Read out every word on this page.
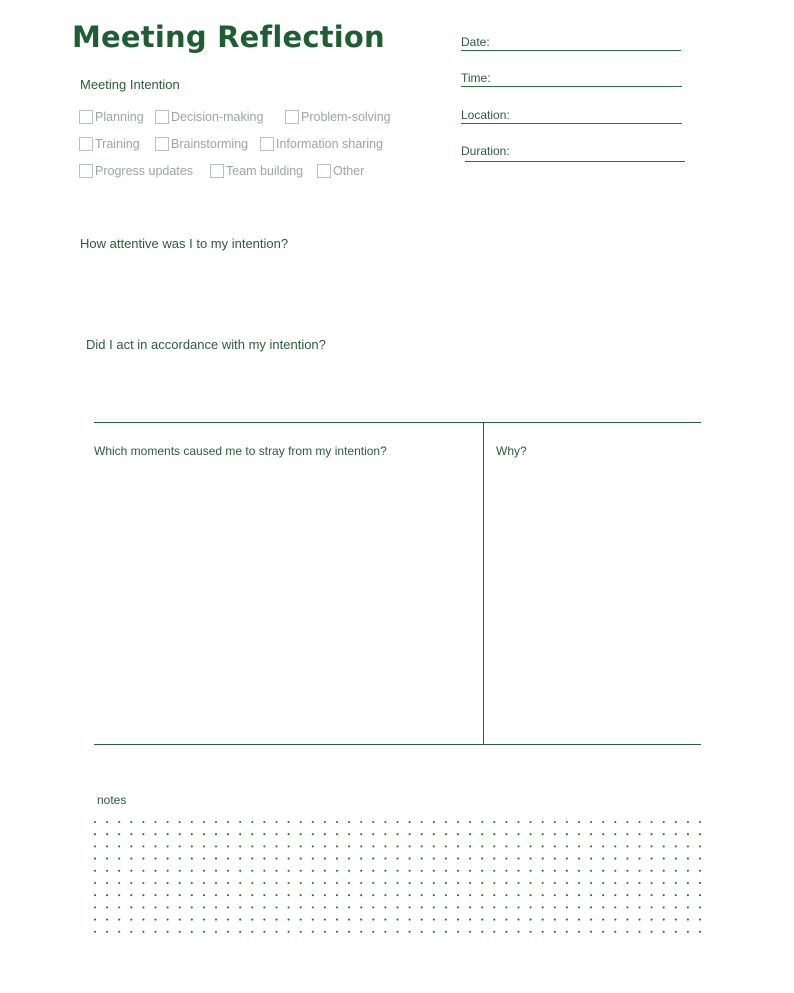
Meeting Reflection
Meeting Intention
Planning Decision-making	Problem-solving
Training	Brainstorming Information sharing
Progress updates	Team building Other
Date:
Time:
Location:
Duration:
How attentive was I to my intention?
Did I act in accordance with my intention?
Which moments caused me to stray from my intention?	Why?
notes
